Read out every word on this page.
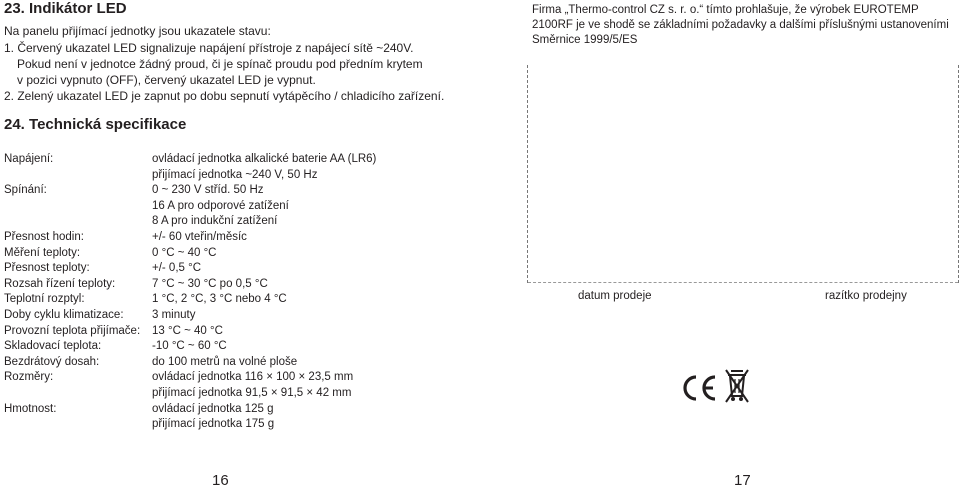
23. Indikátor LED
Na panelu přijímací jednotky jsou ukazatele stavu:
1. Červený ukazatel LED signalizuje napájení přístroje z napájecí sítě ~240V.
Pokud není v jednotce žádný proud, či je spínač proudu pod předním krytem
v pozici vypnuto (OFF), červený ukazatel LED je vypnut.
2. Zelený ukazatel LED je zapnut po dobu sepnutí vytápěcího / chladicího zařízení.
24. Technická specifikace
Napájení:	ovládací jednotka alkalické baterie AA (LR6)
přijímací jednotka ~240 V, 50 Hz
Spínání:	0 ~ 230 V stříd. 50 Hz
16 A pro odporové zatížení
8 A pro indukční zatížení
Přesnost hodin:	+/- 60 vteřin/měsíc
Měření teploty:	0 °C ~ 40 °C
Přesnost teploty:	+/- 0,5 °C
Rozsah řízení teploty:	7 °C ~ 30 °C po 0,5 °C
Teplotní rozptyl:	1 °C, 2 °C, 3 °C nebo 4 °C
Doby cyklu klimatizace: 3 minuty
Provozní teplota přijímače: 13 °C ~ 40 °C
Skladovací teplota:	-10 °C ~ 60 °C
Bezdrátový dosah:	do 100 metrů na volné ploše
Rozměry:	ovládací jednotka 116 × 100 × 23,5 mm
přijímací jednotka 91,5 × 91,5 × 42 mm
Hmotnost:	ovládací jednotka 125 g
přijímací jednotka 175 g
16
Firma „Thermo-control CZ s. r. o.“ tímto prohlašuje, že výrobek EUROTEMP
2100RF je ve shodě se základními požadavky a dalšími příslušnými ustanoveními
Směrnice 1999/5/ES
datum prodeje	razítko prodejny
17
